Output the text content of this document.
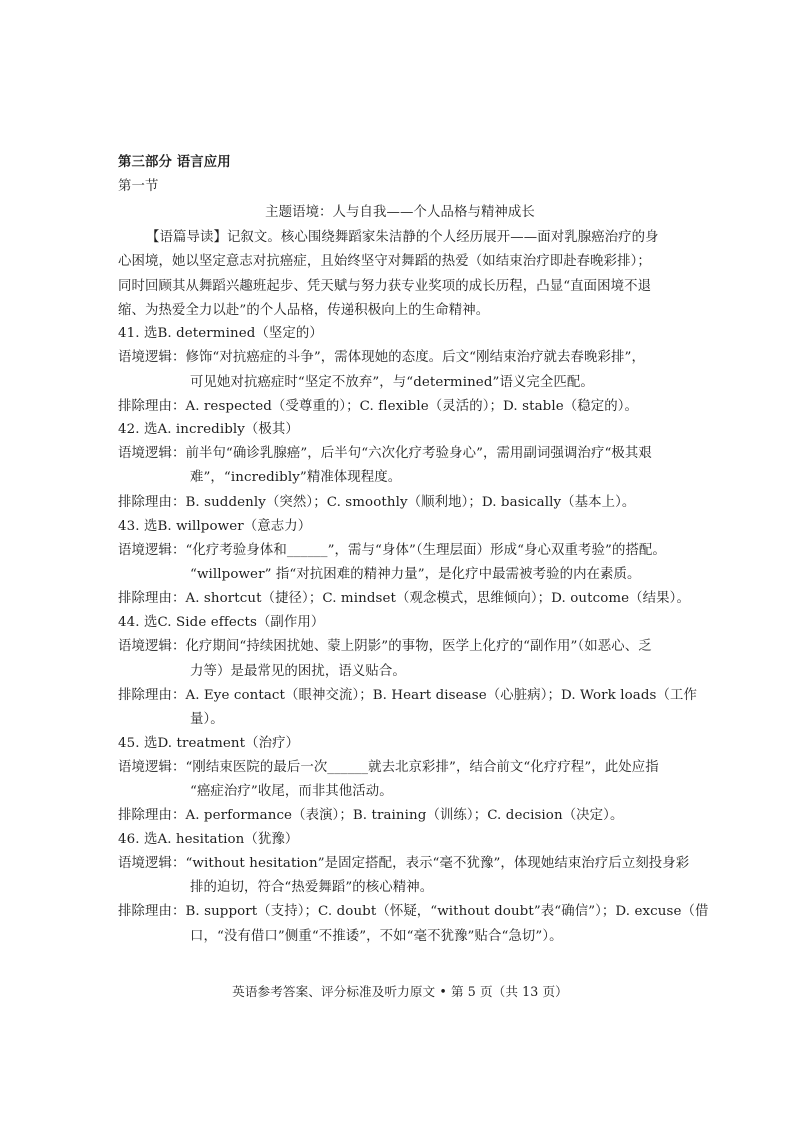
第三部分 语言应用
第一节
主题语境：人与自我——个人品格与精神成长
【语篇导读】记叙文。核心围绕舞蹈家朱洁静的个人经历展开——面对乳腺癌治疗的身
心困境，她以坚定意志对抗癌症，且始终坚守对舞蹈的热爱（如结束治疗即赴春晚彩排）；
同时回顾其从舞蹈兴趣班起步、凭天赋与努力获专业奖项的成长历程，凸显“直面困境不退
缩、为热爱全力以赴”的个人品格，传递积极向上的生命精神。
41. 选B. determined（坚定的）
语境逻辑：修饰“对抗癌症的斗争”，需体现她的态度。后文“刚结束治疗就去春晚彩排”，
可见她对抗癌症时“坚定不放弃”，与“determined”语义完全匹配。
排除理由：A. respected（受尊重的）；C. flexible（灵活的）；D. stable（稳定的）。
42. 选A. incredibly（极其）
语境逻辑：前半句“确诊乳腺癌”，后半句“六次化疗考验身心”，需用副词强调治疗“极其艰
难”，“incredibly”精准体现程度。
排除理由：B. suddenly（突然）；C. smoothly（顺利地）；D. basically（基本上）。
43. 选B. willpower（意志力）
语境逻辑：“化疗考验身体和______”，需与“身体”（生理层面）形成“身心双重考验”的搭配。
“willpower” 指“对抗困难的精神力量”，是化疗中最需被考验的内在素质。
排除理由：A. shortcut（捷径）；C. mindset（观念模式，思维倾向）；D. outcome（结果）。
44. 选C. Side effects（副作用）
语境逻辑：化疗期间“持续困扰她、蒙上阴影”的事物，医学上化疗的“副作用”（如恶心、乏
力等）是最常见的困扰，语义贴合。
排除理由：A. Eye contact（眼神交流）；B. Heart disease（心脏病）；D. Work loads（工作
量）。
45. 选D. treatment（治疗）
语境逻辑：“刚结束医院的最后一次______就去北京彩排”，结合前文“化疗疗程”，此处应指
“癌症治疗”收尾，而非其他活动。
排除理由：A. performance（表演）；B. training（训练）；C. decision（决定）。
46. 选A. hesitation（犹豫）
语境逻辑：“without hesitation”是固定搭配，表示“毫不犹豫”，体现她结束治疗后立刻投身彩
排的迫切，符合“热爱舞蹈”的核心精神。
排除理由：B. support（支持）；C. doubt（怀疑，“without doubt”表“确信”）；D. excuse（借
口，“没有借口”侧重“不推诿”，不如“毫不犹豫”贴合“急切”）。
英语参考答案、评分标准及听力原文 • 第 5 页（共 13 页）
